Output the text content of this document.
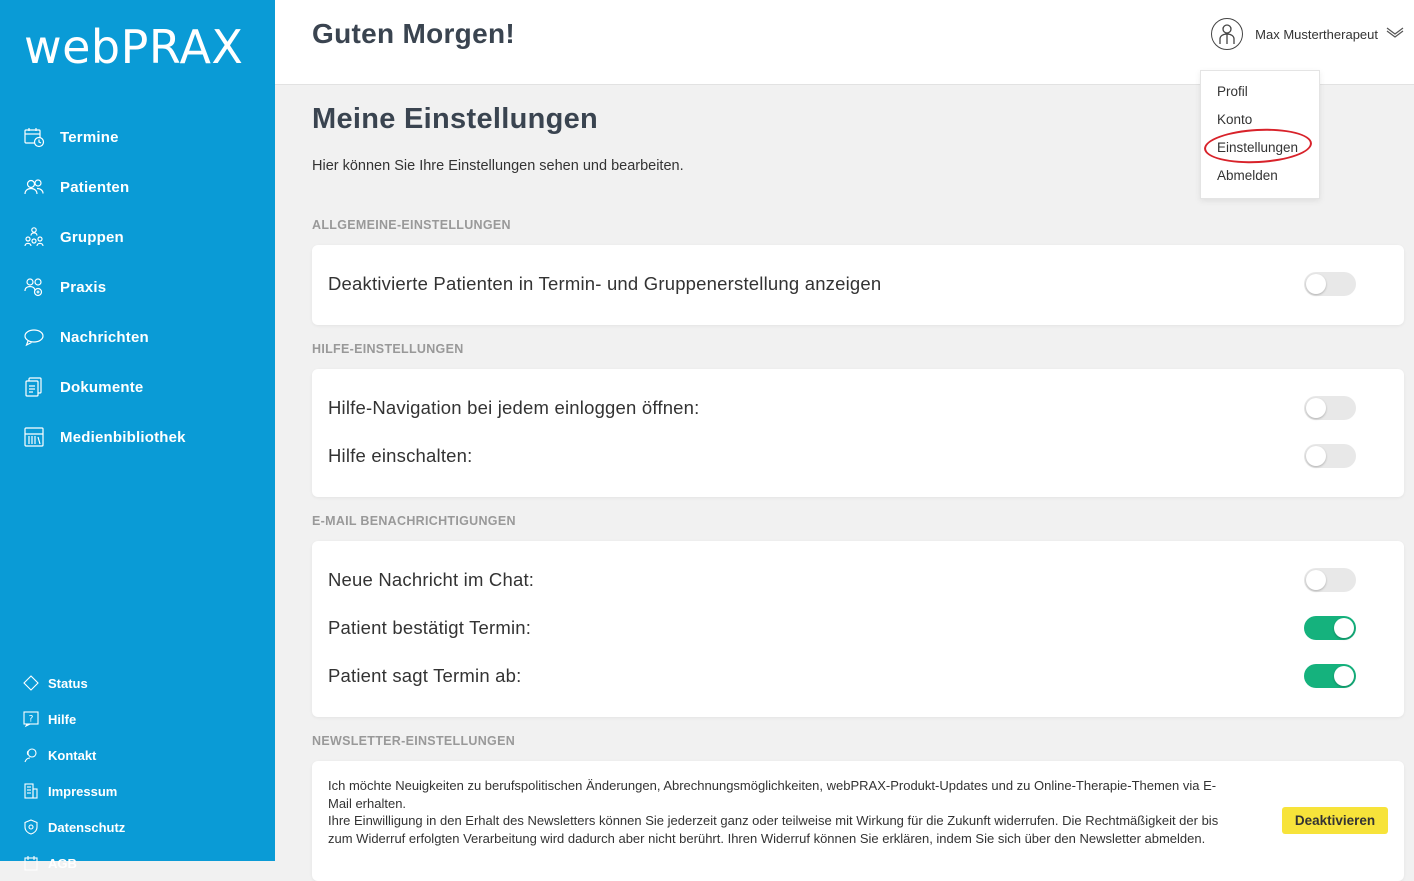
webPRAX
Termine
Patienten
Gruppen
Praxis
Nachrichten
Dokumente
Medienbibliothek
Status
? Hilfe
Kontakt
Impressum
Datenschutz
AGB
Guten Morgen!	Max Mustertherapeut
Profil
Konto
Einstellungen
Abmelden
Meine Einstellungen

Hier können Sie Ihre Einstellungen sehen und bearbeiten.

ALLGEMEINE-EINSTELLUNGEN
Deaktivierte Patienten in Termin- und Gruppenerstellung anzeigen
HILFE-EINSTELLUNGEN
Hilfe-Navigation bei jedem einloggen öffnen:
Hilfe einschalten:
E-MAIL BENACHRICHTIGUNGEN
Neue Nachricht im Chat:
Patient bestätigt Termin:
Patient sagt Termin ab:
NEWSLETTER-EINSTELLUNGEN
Ich möchte Neuigkeiten zu berufspolitischen Änderungen, Abrechnungsmöglichkeiten, webPRAX-Produkt-Updates und zu Online-Therapie-Themen via E-Mail erhalten.
Ihre Einwilligung in den Erhalt des Newsletters können Sie jederzeit ganz oder teilweise mit Wirkung für die Zukunft widerrufen. Die Rechtmäßigkeit der bis zum Widerruf erfolgten Verarbeitung wird dadurch aber nicht berührt. Ihren Widerruf können Sie erklären, indem Sie sich über den Newsletter abmelden.
Deaktivieren
